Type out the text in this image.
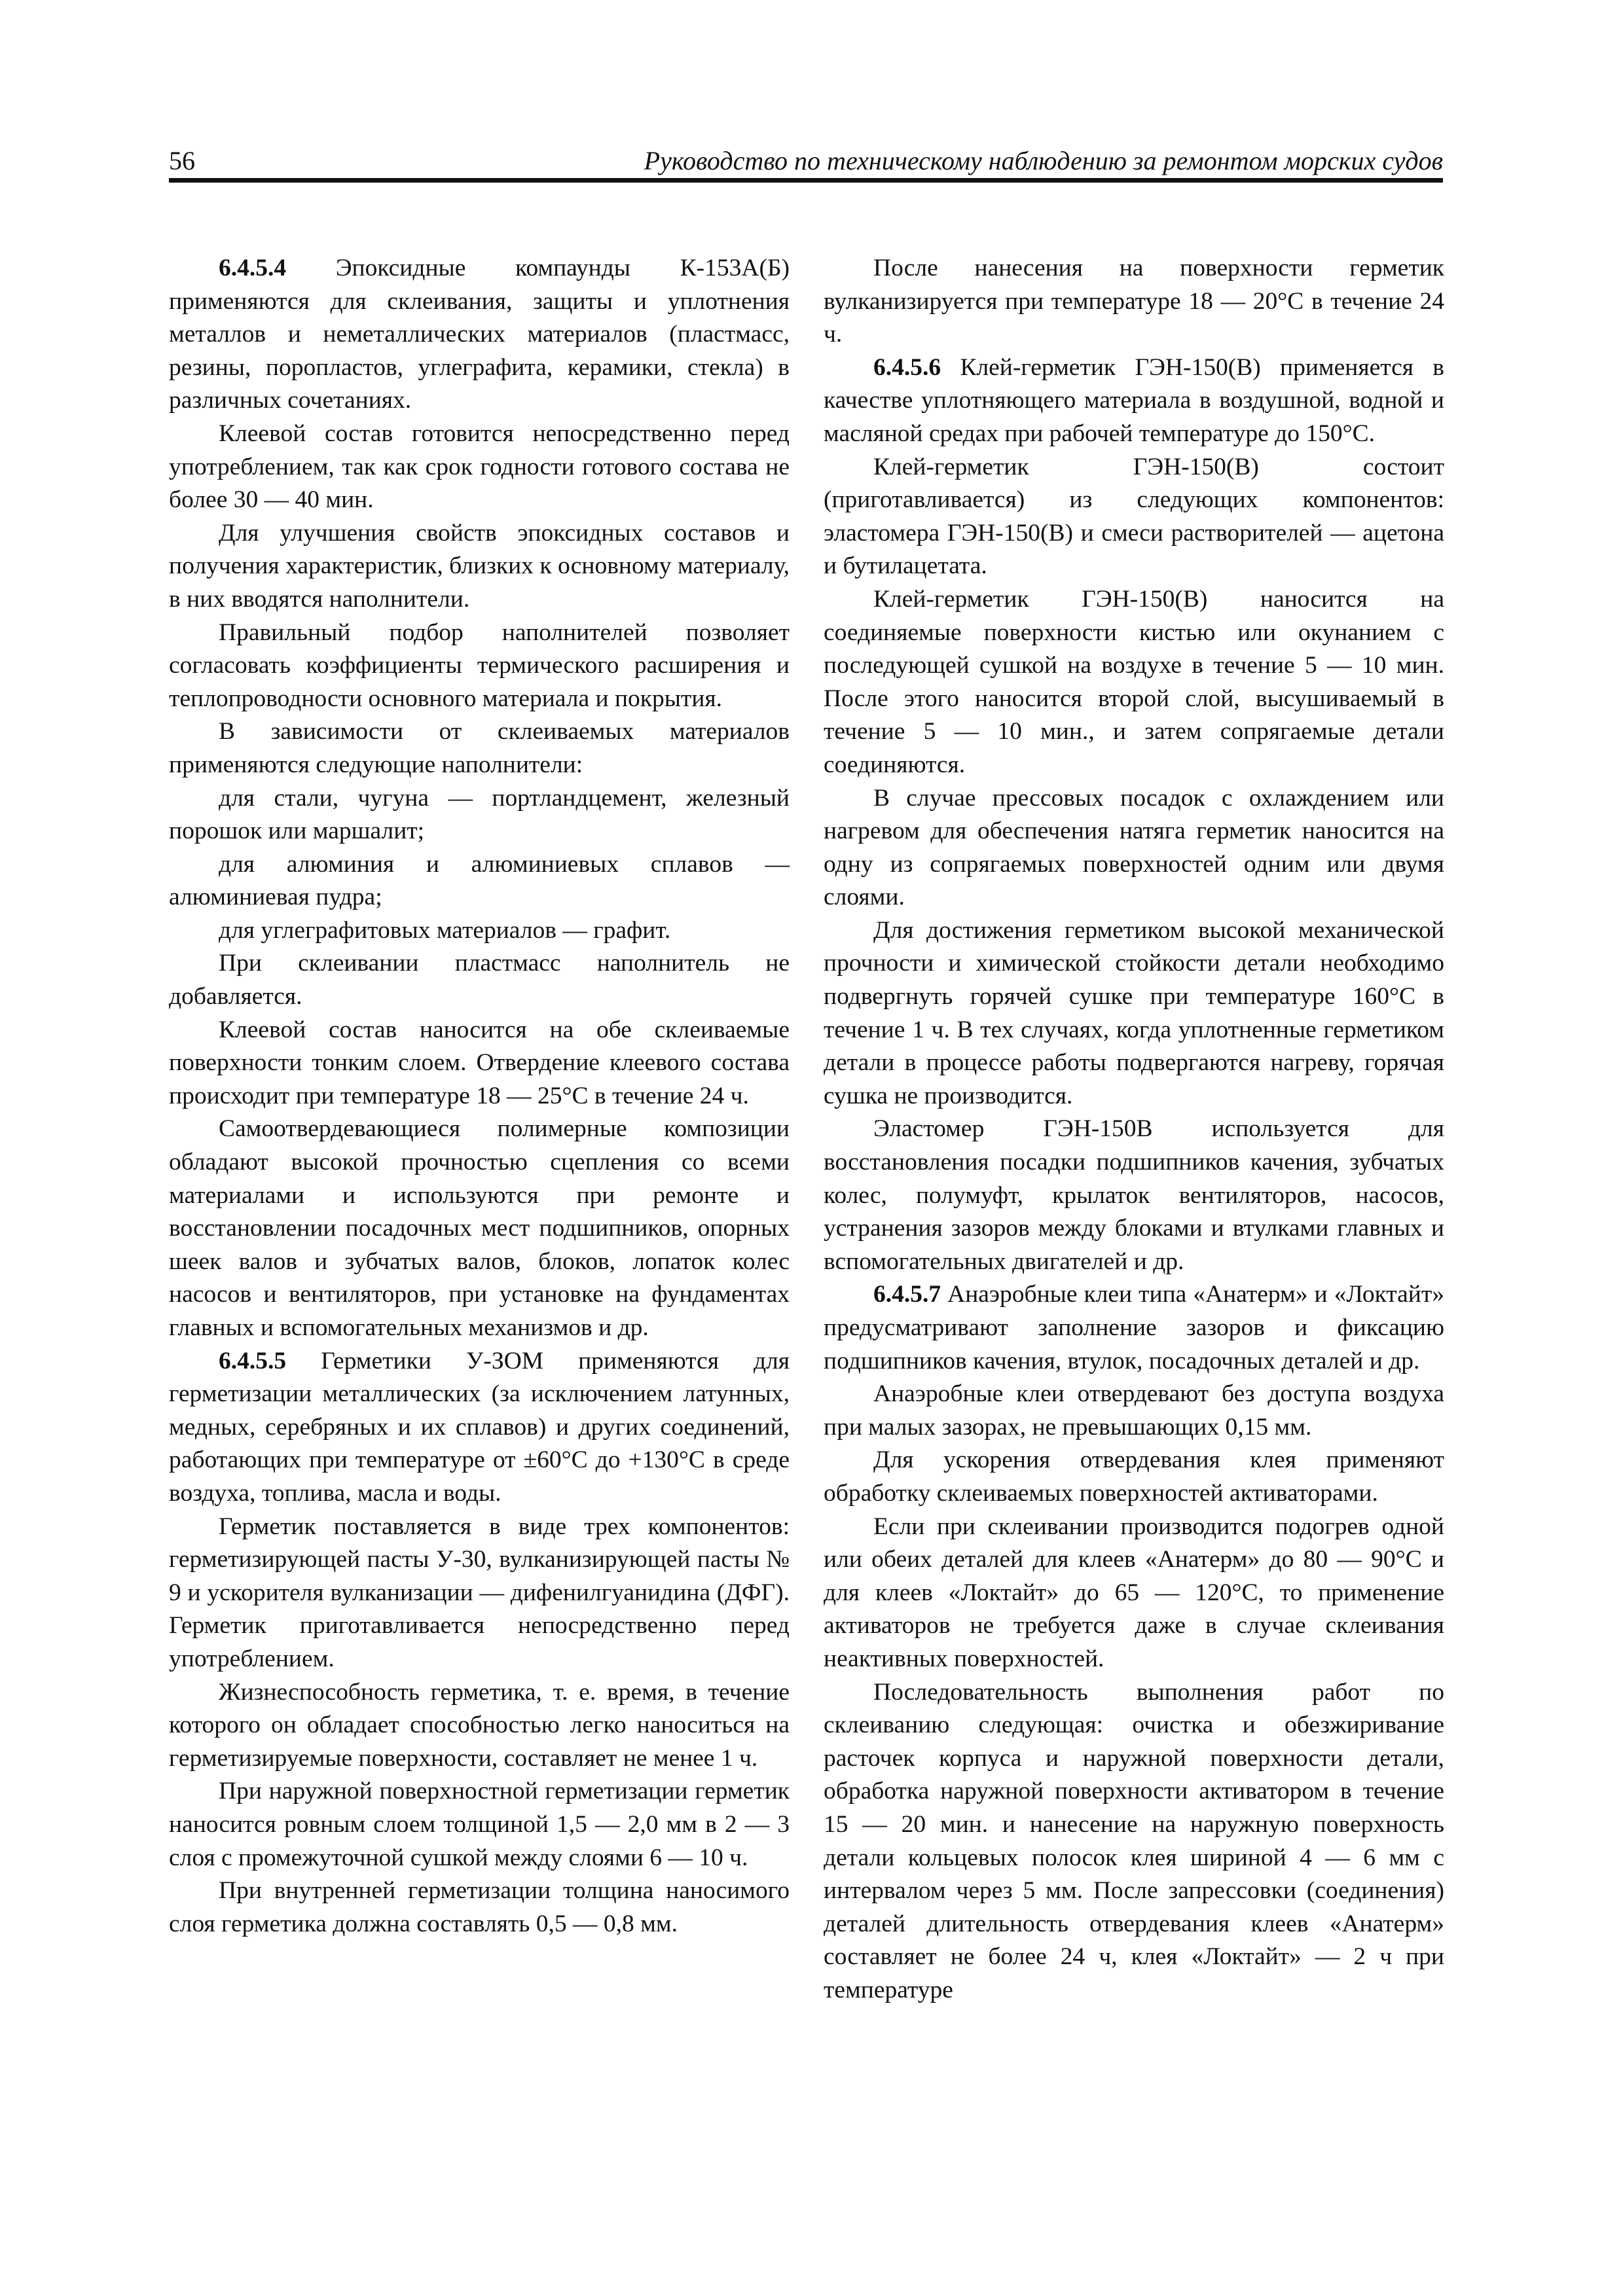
56	Руководство по техническому наблюдению за ремонтом морских судов

6.4.5.4 Эпоксидные компаунды К-153А(Б) применяются для склеивания, защиты и уплотнения металлов и неметаллических материалов (пластмасс, резины, поропластов, углеграфита, керамики, стекла) в различных сочетаниях.

Клеевой состав готовится непосредственно перед употреблением, так как срок годности готового состава не более 30 — 40 мин.

Для улучшения свойств эпоксидных составов и получения характеристик, близких к основному материалу, в них вводятся наполнители.

Правильный подбор наполнителей позволяет согласовать коэффициенты термического расширения и теплопроводности основного материала и покрытия.

В зависимости от склеиваемых материалов применяются следующие наполнители:

для стали, чугуна — портландцемент, железный порошок или маршалит;

для алюминия и алюминиевых сплавов — алюминиевая пудра;

для углеграфитовых материалов — графит.

При склеивании пластмасс наполнитель не добавляется.

Клеевой состав наносится на обе склеиваемые поверхности тонким слоем. Отвердение клеевого состава происходит при температуре 18 — 25°С в течение 24 ч.

Самоотвердевающиеся полимерные композиции обладают высокой прочностью сцепления со всеми материалами и используются при ремонте и восстановлении посадочных мест подшипников, опорных шеек валов и зубчатых валов, блоков, лопаток колес насосов и вентиляторов, при установке на фундаментах главных и вспомогательных механизмов и др.

6.4.5.5 Герметики У-ЗОМ применяются для герметизации металлических (за исключением латунных, медных, серебряных и их сплавов) и других соединений, работающих при температуре от ±60°С до +130°С в среде воздуха, топлива, масла и воды.

Герметик поставляется в виде трех компонентов: герметизирующей пасты У-30, вулканизирующей пасты № 9 и ускорителя вулканизации — дифенилгуанидина (ДФГ). Герметик приготавливается непосредственно перед употреблением.

Жизнеспособность герметика, т. е. время, в течение которого он обладает способностью легко наноситься на герметизируемые поверхности, составляет не менее 1 ч.

При наружной поверхностной герметизации герметик наносится ровным слоем толщиной 1,5 — 2,0 мм в 2 — 3 слоя с промежуточной сушкой между слоями 6 — 10 ч.

При внутренней герметизации толщина наносимого слоя герметика должна составлять 0,5 — 0,8 мм.

После нанесения на поверхности герметик вулканизируется при температуре 18 — 20°С в течение 24 ч.

6.4.5.6 Клей-герметик ГЭН-150(В) применяется в качестве уплотняющего материала в воздушной, водной и масляной средах при рабочей температуре до 150°С.

Клей-герметик ГЭН-150(В) состоит (приготавливается) из следующих компонентов: эластомера ГЭН-150(В) и смеси растворителей — ацетона и бутилацетата.

Клей-герметик ГЭН-150(В) наносится на соединяемые поверхности кистью или окунанием с последующей сушкой на воздухе в течение 5 — 10 мин. После этого наносится второй слой, высушиваемый в течение 5 — 10 мин., и затем сопрягаемые детали соединяются.

В случае прессовых посадок с охлаждением или нагревом для обеспечения натяга герметик наносится на одну из сопрягаемых поверхностей одним или двумя слоями.

Для достижения герметиком высокой механической прочности и химической стойкости детали необходимо подвергнуть горячей сушке при температуре 160°С в течение 1 ч. В тех случаях, когда уплотненные герметиком детали в процессе работы подвергаются нагреву, горячая сушка не производится.

Эластомер ГЭН-150В используется для восстановления посадки подшипников качения, зубчатых колес, полумуфт, крылаток вентиляторов, насосов, устранения зазоров между блоками и втулками главных и вспомогательных двигателей и др.

6.4.5.7 Анаэробные клеи типа «Анатерм» и «Локтайт» предусматривают заполнение зазоров и фиксацию подшипников качения, втулок, посадочных деталей и др.

Анаэробные клеи отвердевают без доступа воздуха при малых зазорах, не превышающих 0,15 мм.

Для ускорения отвердевания клея применяют обработку склеиваемых поверхностей активаторами.

Если при склеивании производится подогрев одной или обеих деталей для клеев «Анатерм» до 80 — 90°С и для клеев «Локтайт» до 65 — 120°С, то применение активаторов не требуется даже в случае склеивания неактивных поверхностей.

Последовательность выполнения работ по склеиванию следующая: очистка и обезжиривание расточек корпуса и наружной поверхности детали, обработка наружной поверхности активатором в течение 15 — 20 мин. и нанесение на наружную поверхность детали кольцевых полосок клея шириной 4 — 6 мм с интервалом через 5 мм. После запрессовки (соединения) деталей длительность отвердевания клеев «Анатерм» составляет не более 24 ч, клея «Локтайт» — 2 ч при температуре
